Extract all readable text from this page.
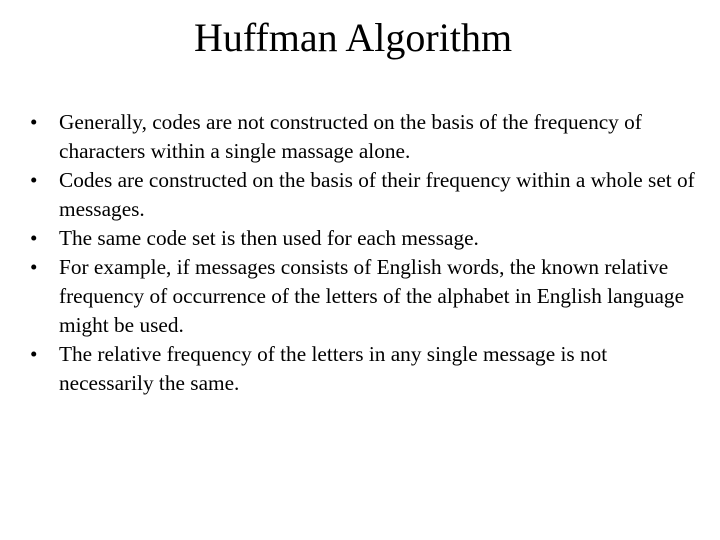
Huffman Algorithm
•	Generally, codes are not constructed on the basis of the frequency of characters within a single massage alone.
•	Codes are constructed on the basis of their frequency within a whole set of messages.
•	The same code set is then used for each message.
•	For example, if messages consists of English words, the known relative frequency of occurrence of the letters of the alphabet in English language might be used.
•	The relative frequency of the letters in any single message is not necessarily the same.
